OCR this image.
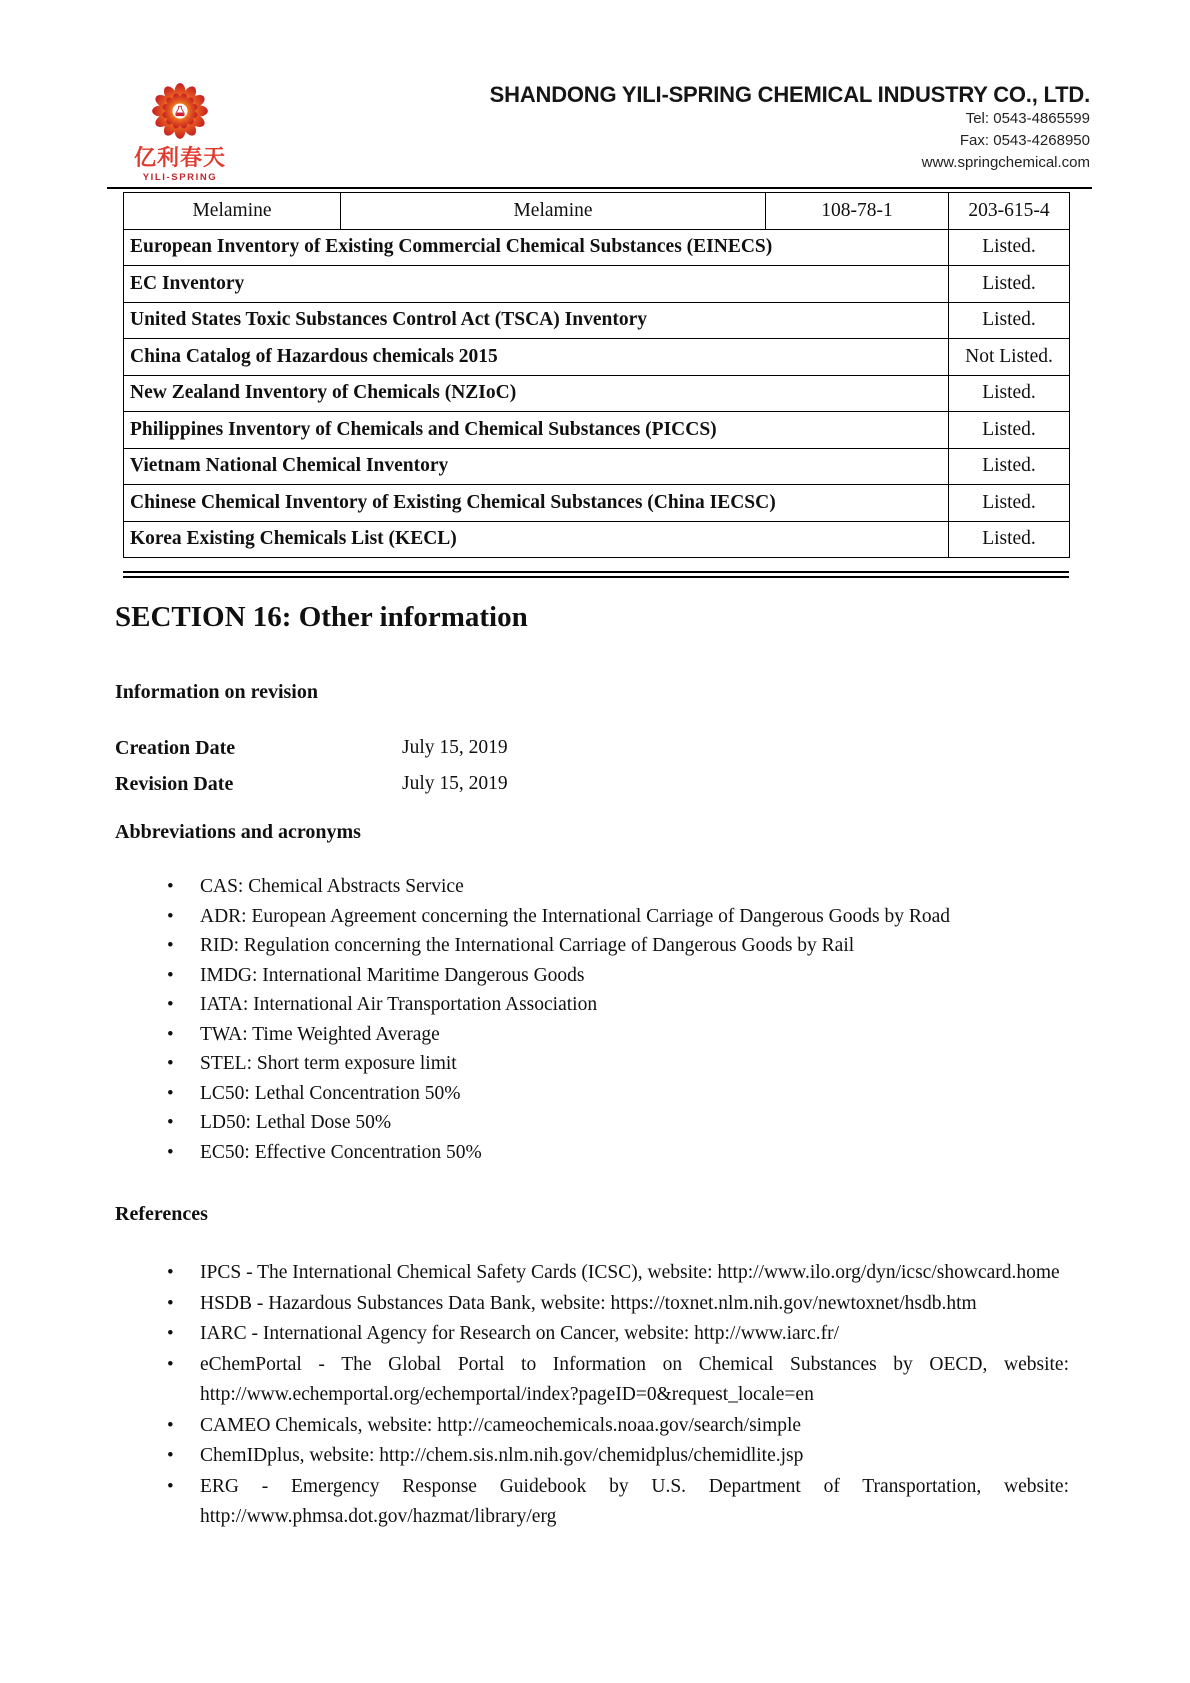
亿利春天
YILI-SPRING
SHANDONG YILI-SPRING CHEMICAL INDUSTRY CO., LTD.
Tel: 0543-4865599
Fax: 0543-4268950
www.springchemical.com
Melamine	Melamine	108-78-1	203-615-4
European Inventory of Existing Commercial Chemical Substances (EINECS)			Listed.
EC Inventory			Listed.
United States Toxic Substances Control Act (TSCA) Inventory			Listed.
China Catalog of Hazardous chemicals 2015			Not Listed.
New Zealand Inventory of Chemicals (NZIoC)			Listed.
Philippines Inventory of Chemicals and Chemical Substances (PICCS)			Listed.
Vietnam National Chemical Inventory			Listed.
Chinese Chemical Inventory of Existing Chemical Substances (China IECSC)			Listed.
Korea Existing Chemicals List (KECL)			Listed.
SECTION 16: Other information
Information on revision
Creation Date	July 15, 2019
Revision Date	July 15, 2019
Abbreviations and acronyms
• CAS: Chemical Abstracts Service
• ADR: European Agreement concerning the International Carriage of Dangerous Goods by Road
• RID: Regulation concerning the International Carriage of Dangerous Goods by Rail
• IMDG: International Maritime Dangerous Goods
• IATA: International Air Transportation Association
• TWA: Time Weighted Average
• STEL: Short term exposure limit
• LC50: Lethal Concentration 50%
• LD50: Lethal Dose 50%
• EC50: Effective Concentration 50%
References
• IPCS - The International Chemical Safety Cards (ICSC), website: http://www.ilo.org/dyn/icsc/showcard.home
• HSDB - Hazardous Substances Data Bank, website: https://toxnet.nlm.nih.gov/newtoxnet/hsdb.htm
• IARC - International Agency for Research on Cancer, website: http://www.iarc.fr/
• eChemPortal - The Global Portal to Information on Chemical Substances by OECD, website: http://www.echemportal.org/echemportal/index?pageID=0&request_locale=en
• CAMEO Chemicals, website: http://cameochemicals.noaa.gov/search/simple
• ChemIDplus, website: http://chem.sis.nlm.nih.gov/chemidplus/chemidlite.jsp
• ERG - Emergency Response Guidebook by U.S. Department of Transportation, website: http://www.phmsa.dot.gov/hazmat/library/erg
